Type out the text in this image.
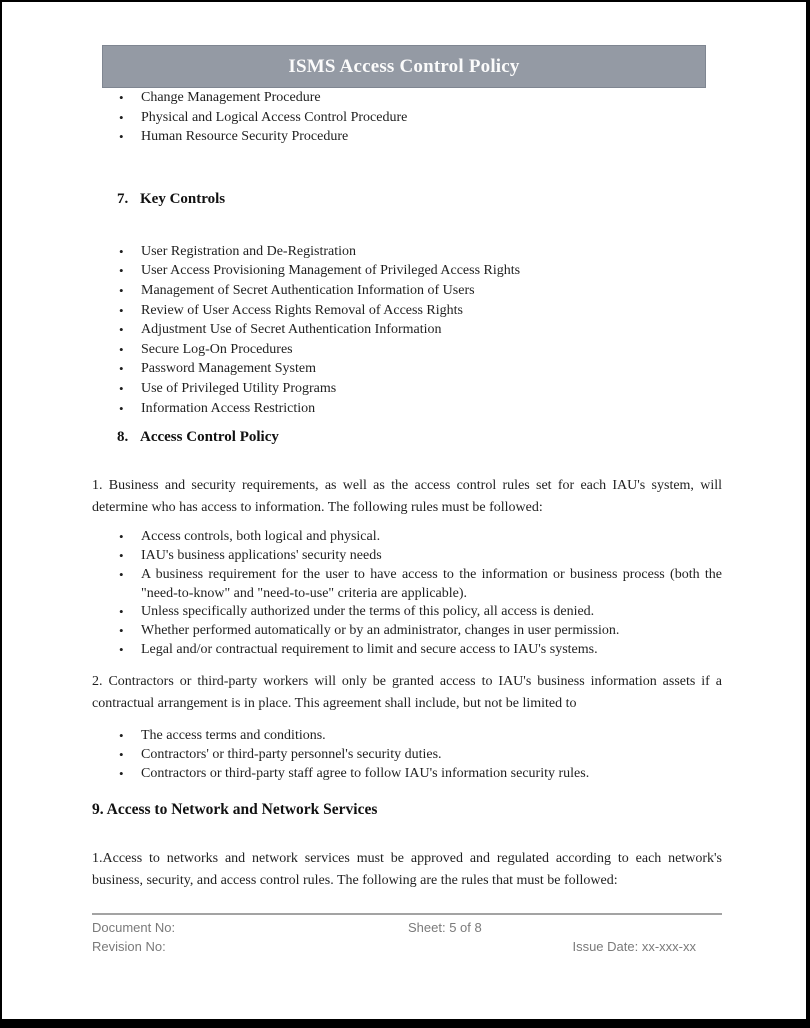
ISMS Access Control Policy
•	Change Management Procedure
•	Physical and Logical Access Control Procedure
•	Human Resource Security Procedure
7. Key Controls
•	User Registration and De-Registration
•	User Access Provisioning Management of Privileged Access Rights
•	Management of Secret Authentication Information of Users
•	Review of User Access Rights Removal of Access Rights
•	Adjustment Use of Secret Authentication Information
•	Secure Log-On Procedures
•	Password Management System
•	Use of Privileged Utility Programs
•	Information Access Restriction
8. Access Control Policy

1. Business and security requirements, as well as the access control rules set for each IAU's system, will determine who has access to information. The following rules must be followed:

•	Access controls, both logical and physical.
•	IAU's business applications' security needs
•	A business requirement for the user to have access to the information or business process (both the "need-to-know" and "need-to-use" criteria are applicable).
•	Unless specifically authorized under the terms of this policy, all access is denied.
•	Whether performed automatically or by an administrator, changes in user permission.
•	Legal and/or contractual requirement to limit and secure access to IAU's systems.

2. Contractors or third-party workers will only be granted access to IAU's business information assets if a contractual arrangement is in place. This agreement shall include, but not be limited to

•	The access terms and conditions.
•	Contractors' or third-party personnel's security duties.
•	Contractors or third-party staff agree to follow IAU's information security rules.
9. Access to Network and Network Services

1.Access to networks and network services must be approved and regulated according to each network's business, security, and access control rules. The following are the rules that must be followed:

Document No:	Sheet: 5 of 8
Revision No:	Issue Date: xx-xxx-xx
